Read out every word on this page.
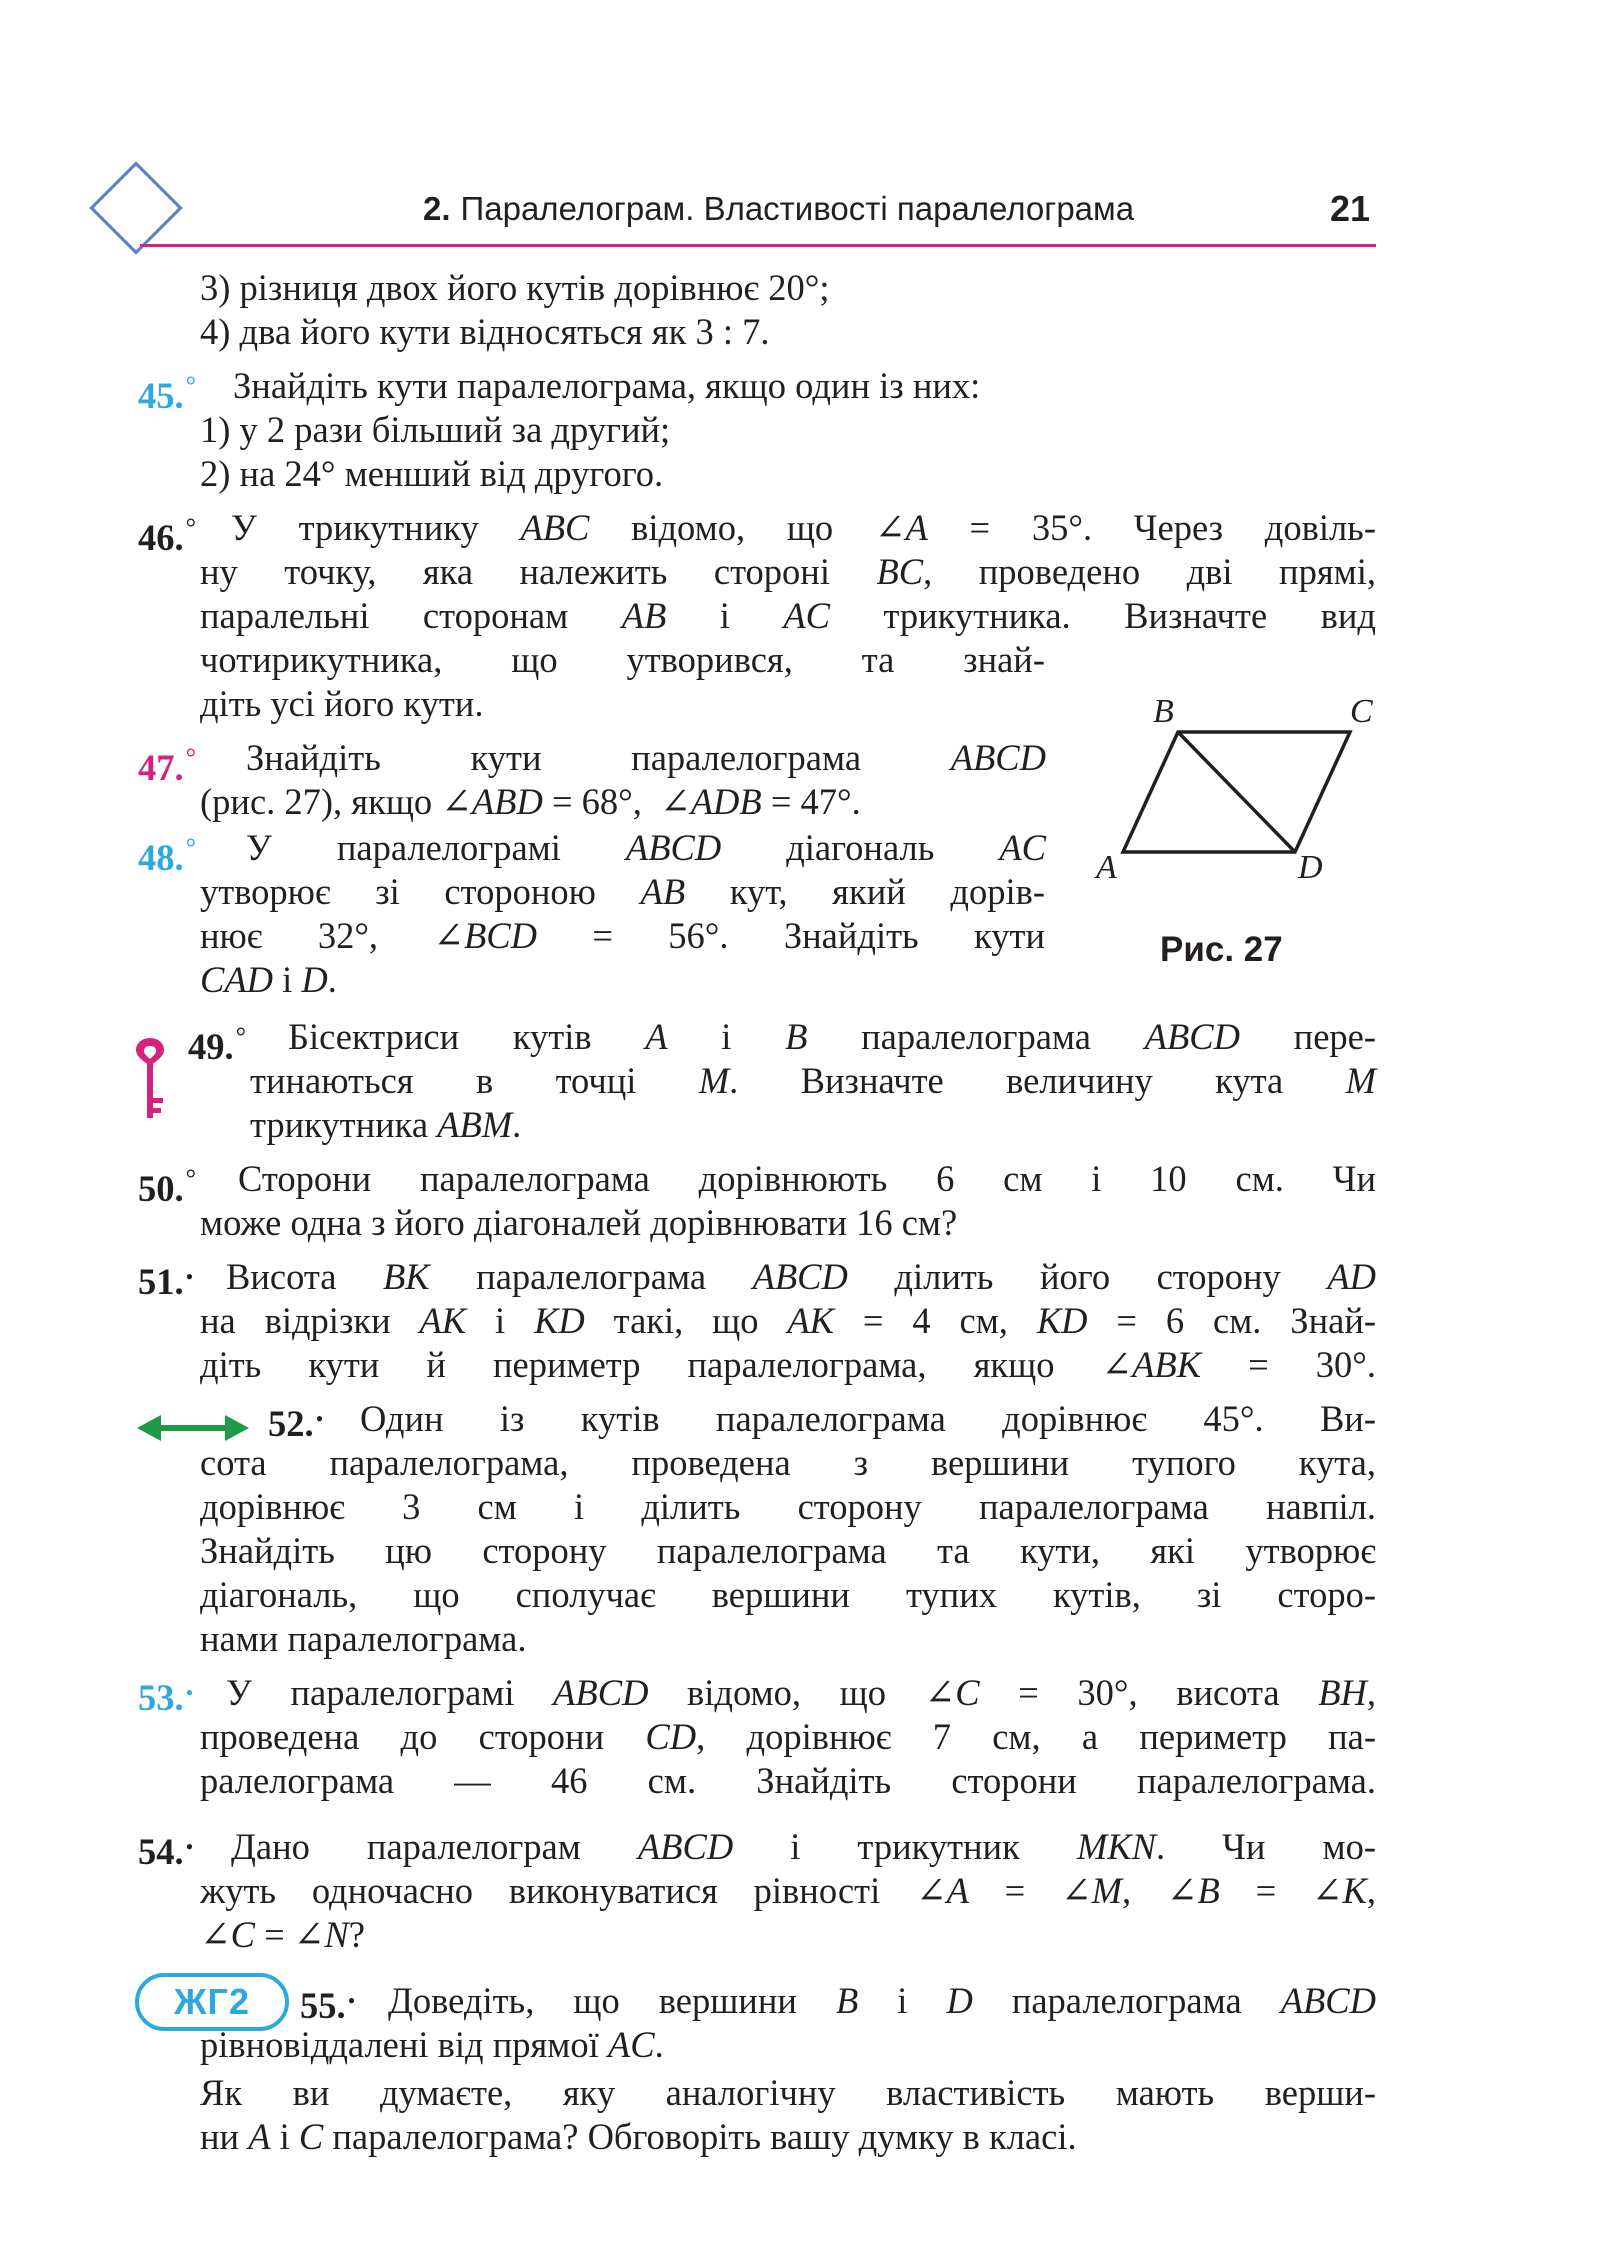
2. Паралелограм. Властивості паралелограма	21
3) різниця двох його кутів дорівнює 20°;
4) два його кути відносяться як 3 : 7.
45.° Знайдіть кути паралелограма, якщо один із них:
1) у 2 рази більший за другий;
2) на 24° менший від другого.
46.° У трикутнику ABC відомо, що ∠A = 35°. Через довіль-
ну точку, яка належить стороні BC, проведено дві прямі,
паралельні сторонам AB і AC трикутника. Визначте вид
чотирикутника, що утворився, та знай-
діть усі його кути.	B	C
A	D
Рис. 27
47.° Знайдіть кути паралелограма ABCD
(рис. 27), якщо ∠ABD = 68°,  ∠ADB = 47°.
48.° У паралелограмі ABCD діагональ AC
утворює зі стороною AB кут, який дорів-
нює 32°, ∠BCD = 56°. Знайдіть кути
CAD і D.
49.° Бісектриси кутів A і B паралелограма ABCD пере-
тинаються в точці M. Визначте величину кута M
трикутника ABM.
50.° Сторони паралелограма дорівнюють 6 см і 10 см. Чи
може одна з його діагоналей дорівнювати 16 см?
51.• Висота BK паралелограма ABCD ділить його сторону AD
на відрізки AK і KD такі, що AK = 4 см, KD = 6 см. Знай-
діть кути й периметр паралелограма, якщо ∠ABK = 30°.
52.• Один із кутів паралелограма дорівнює 45°. Ви-
сота паралелограма, проведена з вершини тупого кута,
дорівнює 3 см і ділить сторону паралелограма навпіл.
Знайдіть цю сторону паралелограма та кути, які утворює
діагональ, що сполучає вершини тупих кутів, зі сторо-
нами паралелограма.
53.• У паралелограмі ABCD відомо, що ∠C = 30°, висота BH,
проведена до сторони CD, дорівнює 7 см, а периметр па-
ралелограма — 46 см. Знайдіть сторони паралелограма.
54.• Дано паралелограм ABCD і трикутник MKN. Чи мо-
жуть одночасно виконуватися рівності ∠A = ∠M, ∠B = ∠K,
∠C = ∠N?
ЖГ2	55.• Доведіть, що вершини B і D паралелограма ABCD
рівновіддалені від прямої AC.
Як ви думаєте, яку аналогічну властивість мають верши-
ни A і C паралелограма? Обговоріть вашу думку в класі.
